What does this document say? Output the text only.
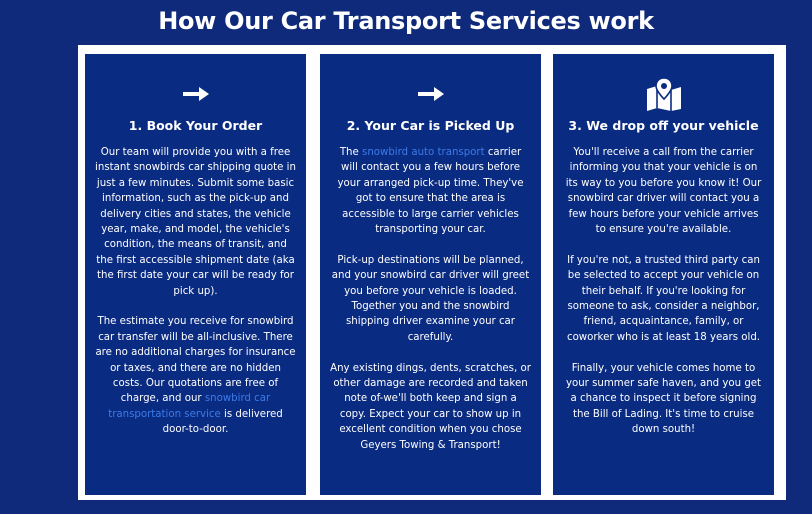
How Our Car Transport Services work
1. Book Your Order

Our team will provide you with a free instant snowbirds car shipping quote in just a few minutes. Submit some basic information, such as the pick-up and delivery cities and states, the vehicle year, make, and model, the vehicle's condition, the means of transit, and the first accessible shipment date (aka the first date your car will be ready for pick up).

The estimate you receive for snowbird car transfer will be all-inclusive. There are no additional charges for insurance or taxes, and there are no hidden costs. Our quotations are free of charge, and our snowbird car transportation service is delivered door-to-door.

2. Your Car is Picked Up

The snowbird auto transport carrier will contact you a few hours before your arranged pick-up time. They've got to ensure that the area is accessible to large carrier vehicles transporting your car.

Pick-up destinations will be planned, and your snowbird car driver will greet you before your vehicle is loaded. Together you and the snowbird shipping driver examine your car carefully.

Any existing dings, dents, scratches, or other damage are recorded and taken note of-we'll both keep and sign a copy. Expect your car to show up in excellent condition when you chose Geyers Towing & Transport!

3. We drop off your vehicle

You'll receive a call from the carrier informing you that your vehicle is on its way to you before you know it! Our snowbird car driver will contact you a few hours before your vehicle arrives to ensure you're available.

If you're not, a trusted third party can be selected to accept your vehicle on their behalf. If you're looking for someone to ask, consider a neighbor, friend, acquaintance, family, or coworker who is at least 18 years old.

Finally, your vehicle comes home to your summer safe haven, and you get a chance to inspect it before signing the Bill of Lading. It's time to cruise down south!
